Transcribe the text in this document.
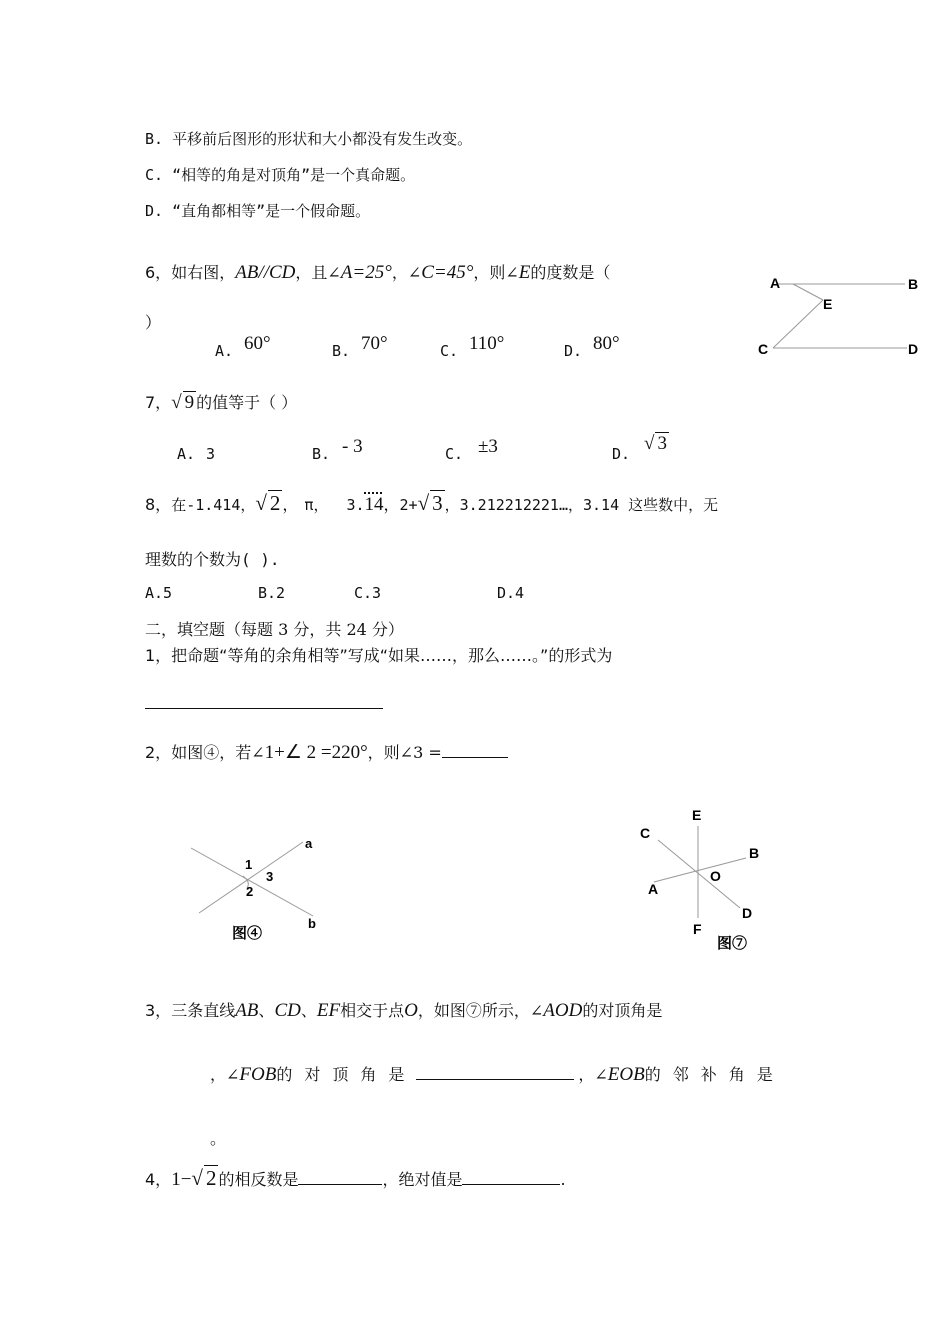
B. 平移前后图形的形状和大小都没有发生改变。
C. “相等的角是对顶角”是一个真命题。
D. “直角都相等”是一个假命题。
6，如右图，AB//CD，且∠A=25°，∠C=45°，则∠E的度数是（
）
A. 60°	B. 70°	C. 110°	D. 80°
A	B
E
C	D
7，√ 9 的值等于（ ）
A. 3	B. - 3	C. ±3	D. √ 3
8，在-1.414，√ 2 ， π， 3.14，2+√ 3 ，3.212212221…，3.14 这些数中，无
理数的个数为( ).
A.5	B.2	C.3	D.4
二，填空题（每题 3 分，共 24 分）
1，把命题“等角的余角相等”写成“如果……，那么……。”的形式为
2，如图④，若∠1+∠ 2 =220°，则∠3 =
a
b
1
2
3
图④
E
C
B
O
A
D
F
图⑦
3，三条直线AB、CD、EF相交于点O，如图⑦所示，∠AOD的对顶角是
，∠FOB的对顶角是	，∠EOB的邻补角是
。
4，1−√ 2 的相反数是	，绝对值是	.
